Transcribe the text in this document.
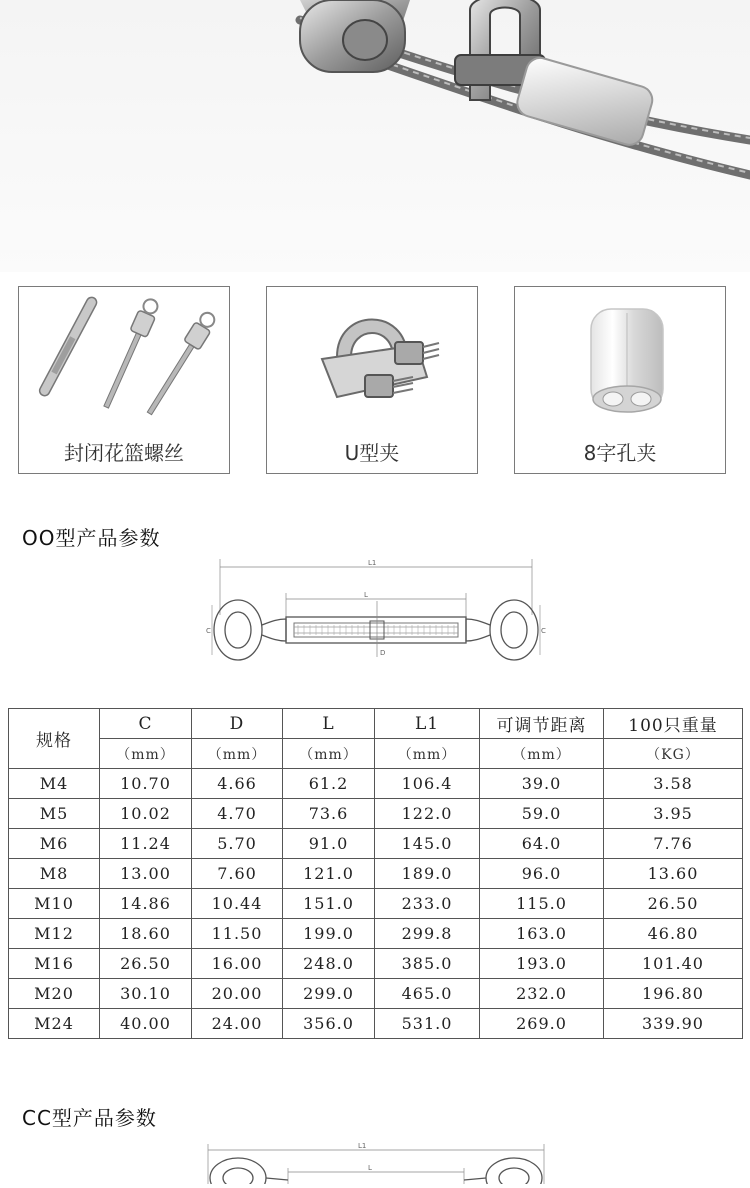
封闭花篮螺丝	U型夹	8字孔夹
OO型产品参数
L1
L
D
C	C
规格	C	D	L	L1	可调节距离	100只重量
	（mm）	（mm）	（mm）	（mm）	（mm）	（KG）
M4	10.70	4.66	61.2	106.4	39.0	3.58
M5	10.02	4.70	73.6	122.0	59.0	3.95
M6	11.24	5.70	91.0	145.0	64.0	7.76
M8	13.00	7.60	121.0	189.0	96.0	13.60
M10	14.86	10.44	151.0	233.0	115.0	26.50
M12	18.60	11.50	199.0	299.8	163.0	46.80
M16	26.50	16.00	248.0	385.0	193.0	101.40
M20	30.10	20.00	299.0	465.0	232.0	196.80
M24	40.00	24.00	356.0	531.0	269.0	339.90
CC型产品参数
L1
L
